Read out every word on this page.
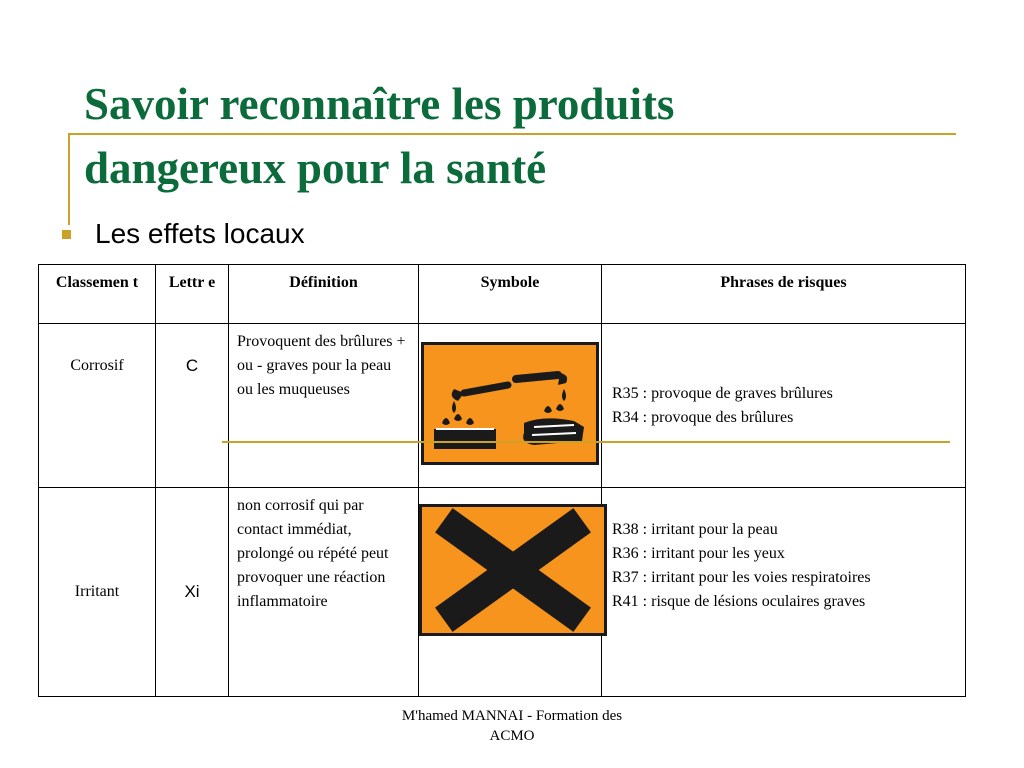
Savoir reconnaître les produits
dangereux pour la santé
Les effets locaux
Classemen t	Lettr e	Définition	Symbole	Phrases de risques
Corrosif	C	Provoquent des brûlures + ou - graves pour la peau ou les muqueuses		R35 : provoque de graves brûlures
R34 : provoque des brûlures

Irritant	Xi	non corrosif qui par contact immédiat, prolongé ou répété peut provoquer une réaction inflammatoire		R38 : irritant pour la peau
R36 : irritant pour les yeux
R37 : irritant pour les voies respiratoires
R41 : risque de lésions oculaires graves
M'hamed MANNAI - Formation des
ACMO
